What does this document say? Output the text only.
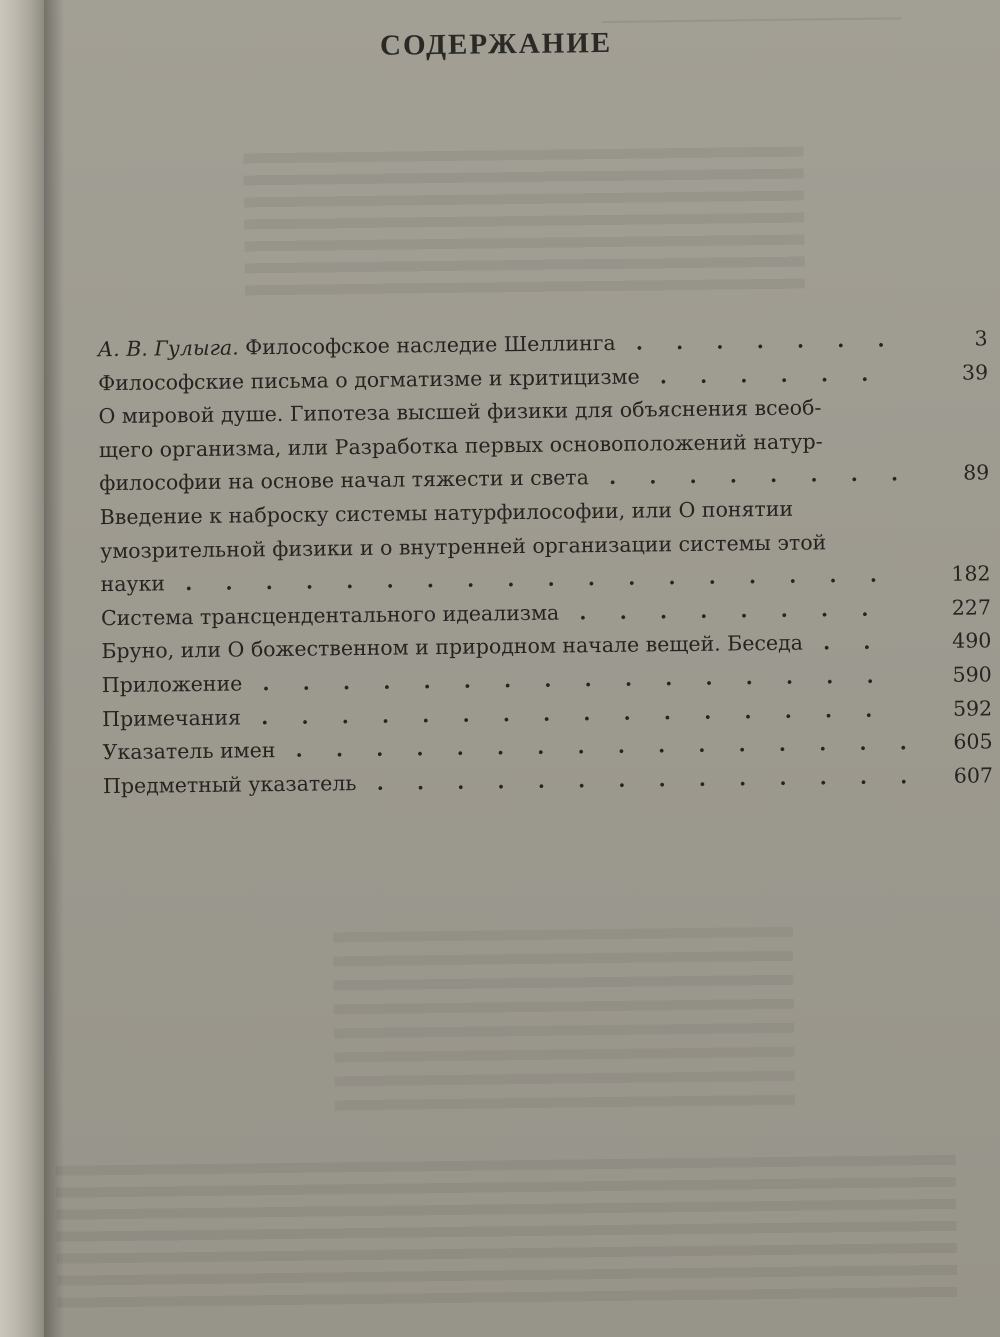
СОДЕРЖАНИЕ
А. В. Гулыга. Философское наследие Шеллинга . . . . . . .	3
Философские письма о догматизме и критицизме . . . . . .	39
О мировой душе. Гипотеза высшей физики для объяснения всеоб-
щего организма, или Разработка первых основоположений натур-
философии на основе начал тяжести и света . . . . . . . .	89
Введение к наброску системы натурфилософии, или О понятии
умозрительной физики и о внутренней организации системы этой
науки . . . . . . . . . . . . . . . . . .	182
Система трансцендентального идеализма . . . . . . . .	227
Бруно, или О божественном и природном начале вещей. Беседа . .	490
Приложение . . . . . . . . . . . . . . . .	590
Примечания . . . . . . . . . . . . . . . .	592
Указатель имен . . . . . . . . . . . . . . . .	605
Предметный указатель . . . . . . . . . . . . . .	607
